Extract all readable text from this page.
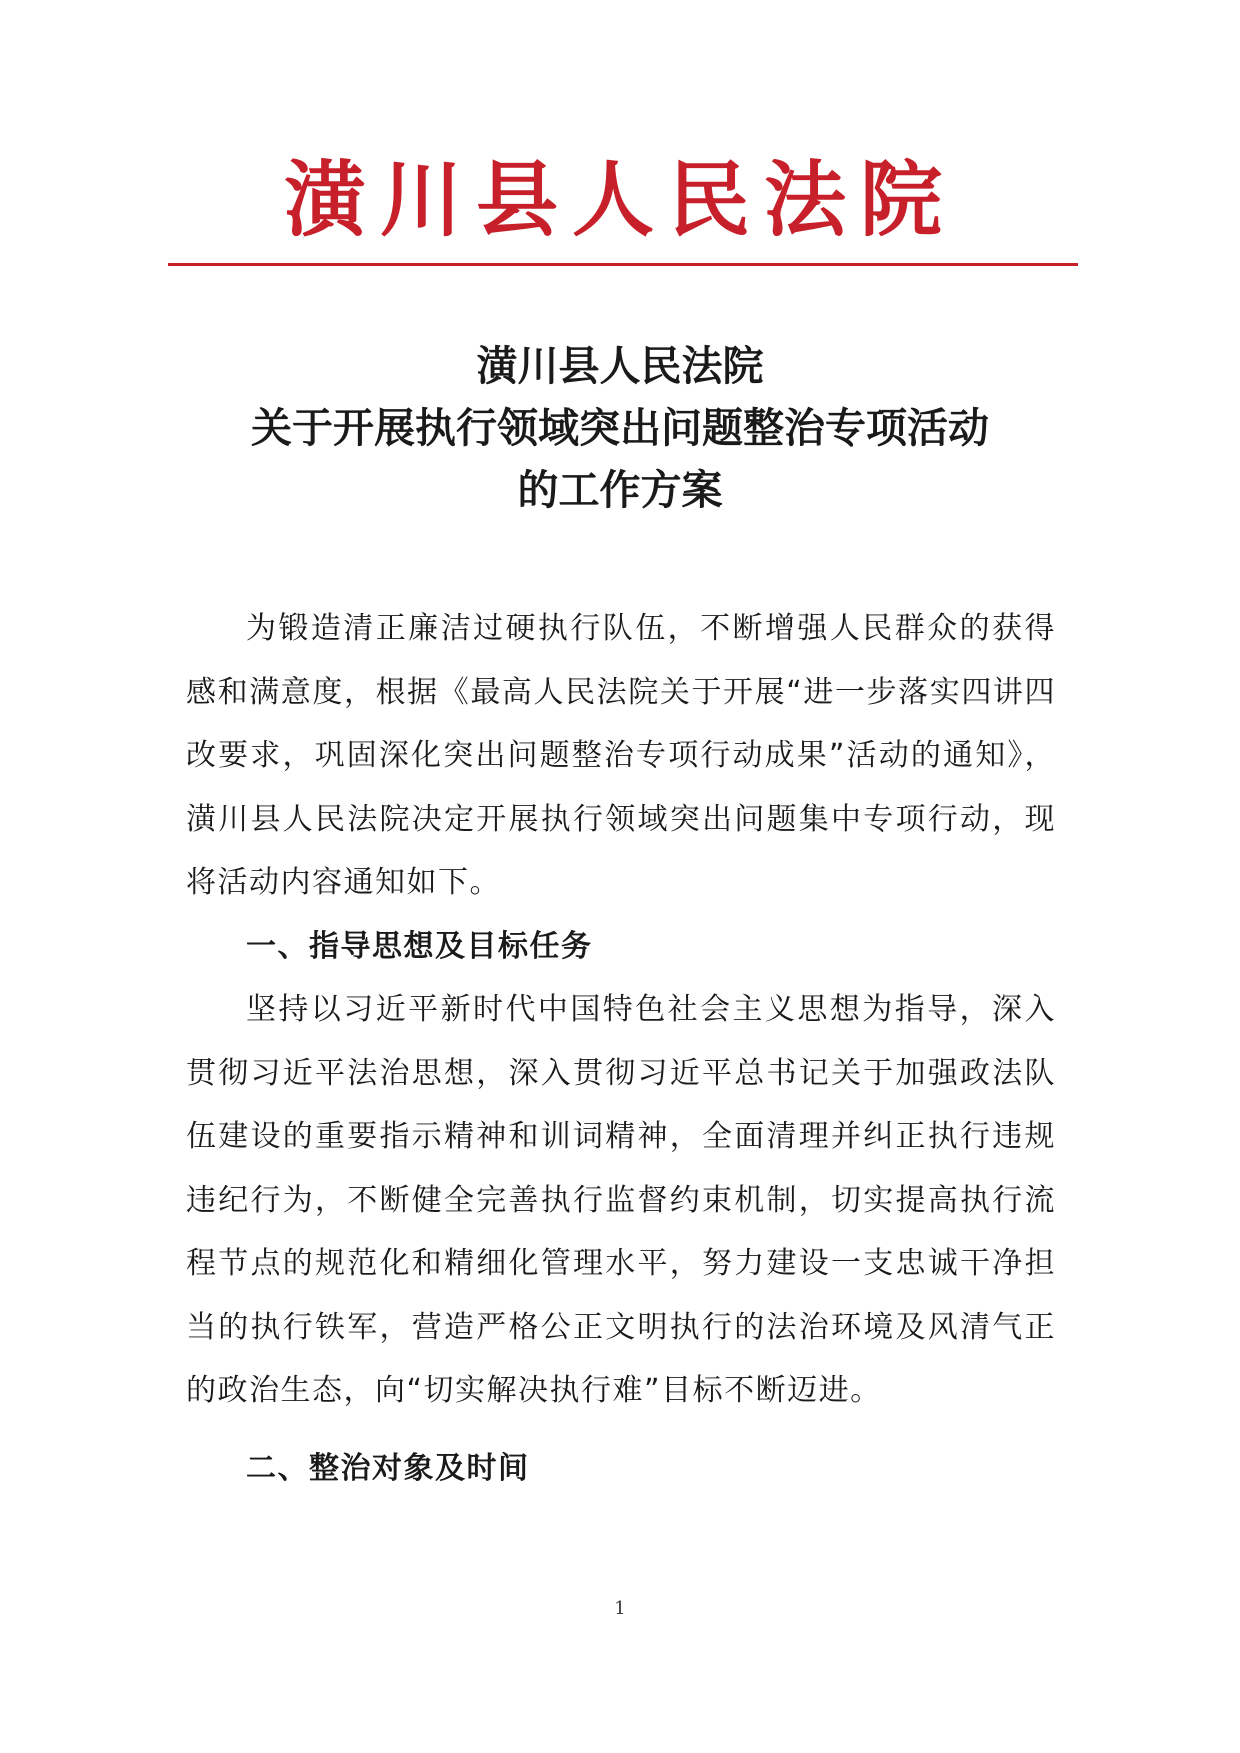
潢川县人民法院
潢川县人民法院
关于开展执行领域突出问题整治专项活动
的工作方案

为锻造清正廉洁过硬执行队伍，不断增强人民群众的获得感和满意度，根据《最高人民法院关于开展“进一步落实四讲四改要求，巩固深化突出问题整治专项行动成果”活动的通知》，潢川县人民法院决定开展执行领域突出问题集中专项行动，现将活动内容通知如下。

一、指导思想及目标任务

坚持以习近平新时代中国特色社会主义思想为指导，深入贯彻习近平法治思想，深入贯彻习近平总书记关于加强政法队伍建设的重要指示精神和训词精神，全面清理并纠正执行违规违纪行为，不断健全完善执行监督约束机制，切实提高执行流程节点的规范化和精细化管理水平，努力建设一支忠诚干净担当的执行铁军，营造严格公正文明执行的法治环境及风清气正的政治生态，向“切实解决执行难”目标不断迈进。

二、整治对象及时间

1
